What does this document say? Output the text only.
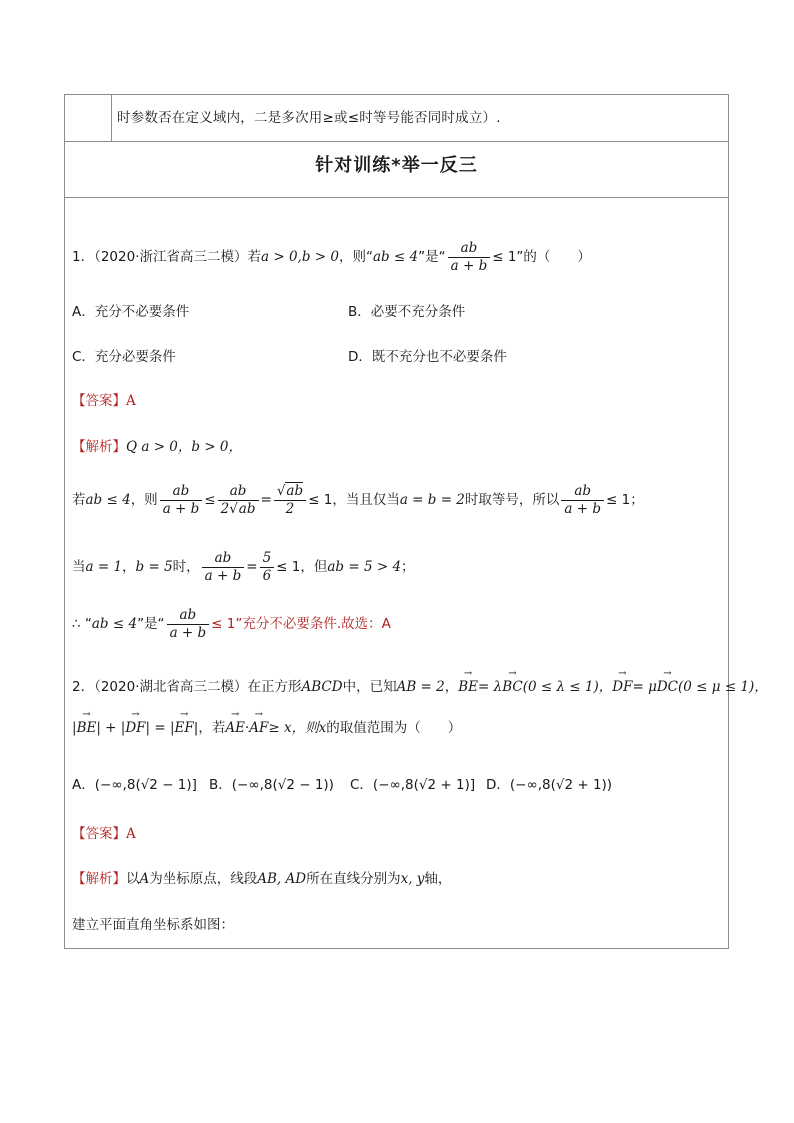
时参数否在定义域内，二是多次用≥或≤时等号能否同时成立）.
针对训练*举一反三
1．（2020·浙江省高三二模）若a > 0,b > 0，则“ab ≤ 4”是“ $\frac{ab}{a + b} \le 1$”的（　　）
A．充分不必要条件	B．必要不充分条件
C．充分必要条件	D．既不充分也不必要条件
【答案】A
【解析】Q a > 0，b > 0，
若ab ≤ 4，则 $\frac{ab}{a + b} \le \frac{ab}{2√ab} = \frac{√ab}{2} \le 1$，当且仅当a = b = 2时取等号，所以 $\frac{ab}{a + b} \le 1$；
当a = 1，b = 5时， $\frac{ab}{a + b} = \frac{5}{6} \le 1$，但ab = 5 > 4；
∴ “ab ≤ 4”是“ $\frac{ab}{a + b} \le 1$”充分不必要条件.故选：A
2．（2020·湖北省高三二模）在正方形ABCD中，已知AB = 2，→ BE= λ→ BC(0 ≤ λ ≤ 1)，→ DF= μ→ DC(0 ≤ μ ≤ 1)，
|→ BE| + |→ DF| = |→ EF|，若→ AE·→ AF≥ x，则x的取值范围为（　　）
A．(−∞,8(√2 − 1)] B．(−∞,8(√2 − 1)) C．(−∞,8(√2 + 1)] D．(−∞,8(√2 + 1))
【答案】A
【解析】以A为坐标原点，线段AB, AD所在直线分别为x, y轴，
建立平面直角坐标系如图：
